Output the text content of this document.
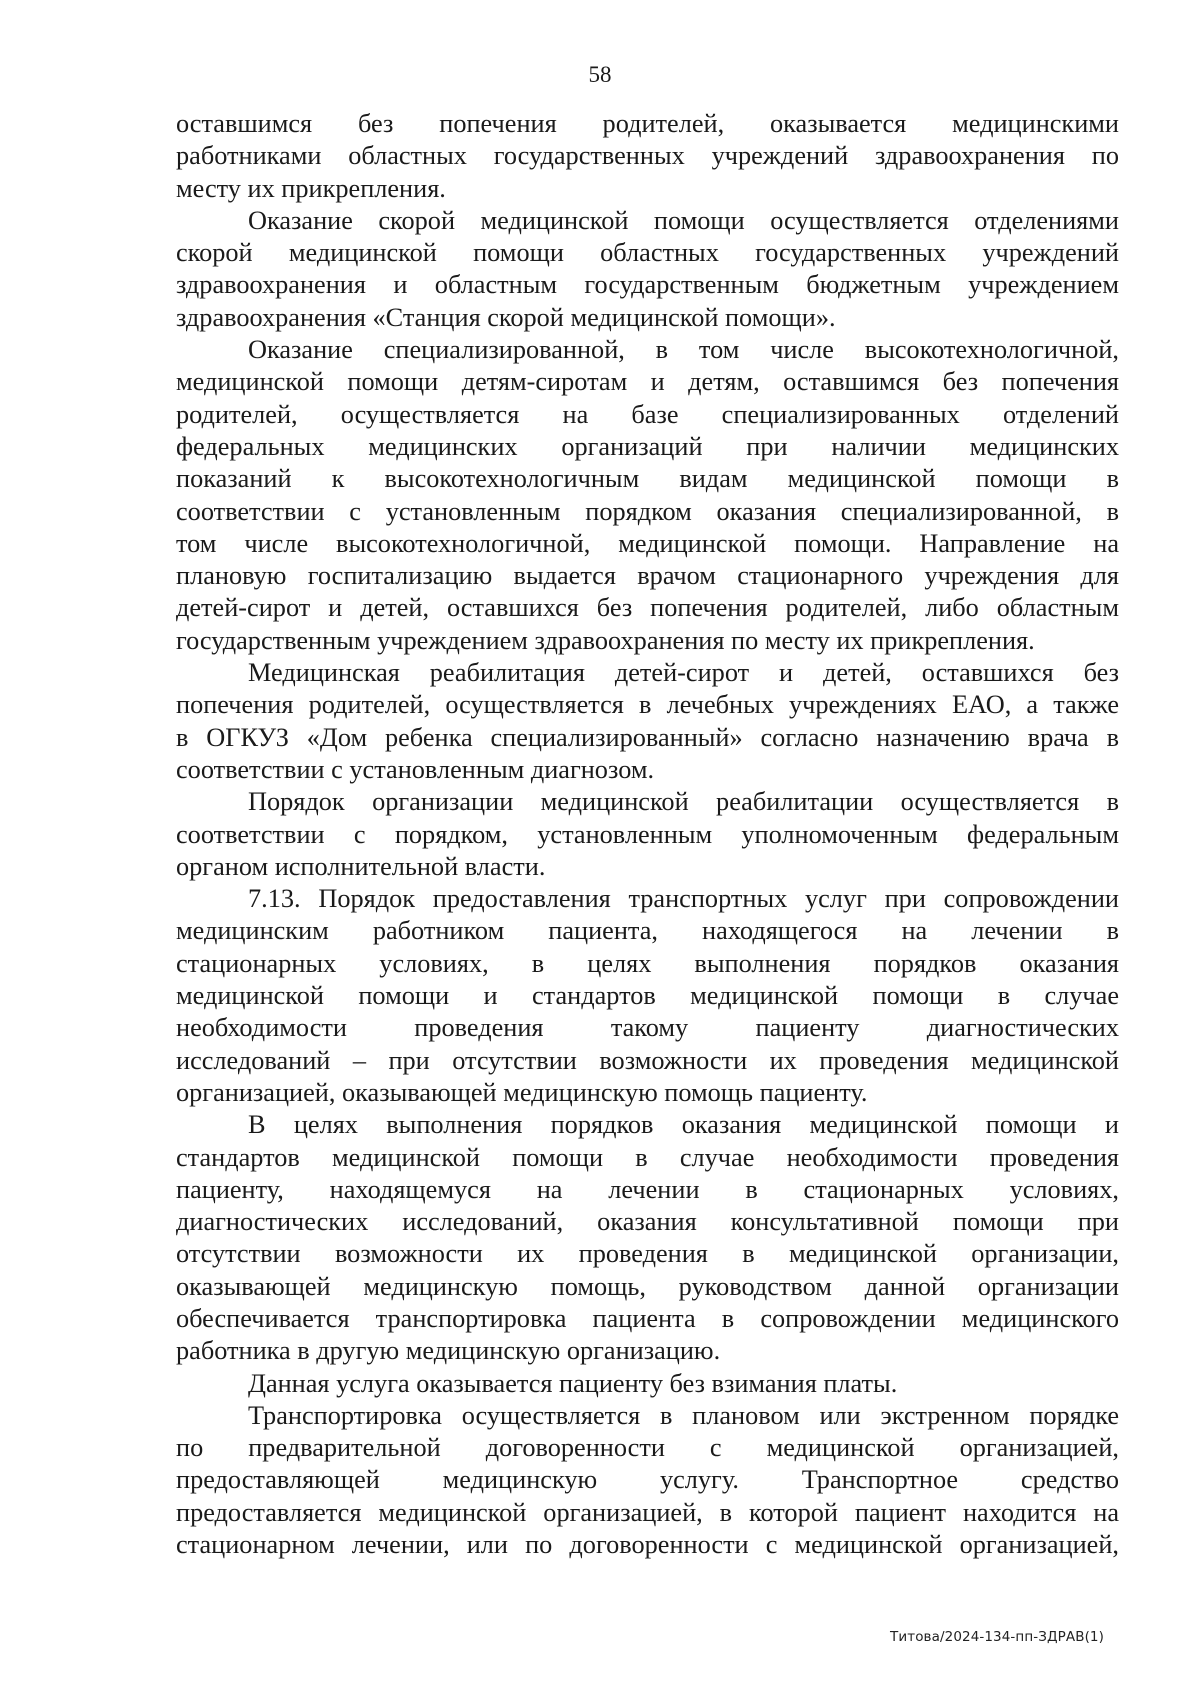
58
оставшимся без попечения родителей, оказывается медицинскими
работниками областных государственных учреждений здравоохранения по
месту их прикрепления.
Оказание скорой медицинской помощи осуществляется отделениями
скорой медицинской помощи областных государственных учреждений
здравоохранения и областным государственным бюджетным учреждением
здравоохранения «Станция скорой медицинской помощи».
Оказание специализированной, в том числе высокотехнологичной,
медицинской помощи детям-сиротам и детям, оставшимся без попечения
родителей, осуществляется на базе специализированных отделений
федеральных медицинских организаций при наличии медицинских
показаний к высокотехнологичным видам медицинской помощи в
соответствии с установленным порядком оказания специализированной, в
том числе высокотехнологичной, медицинской помощи. Направление на
плановую госпитализацию выдается врачом стационарного учреждения для
детей-сирот и детей, оставшихся без попечения родителей, либо областным
государственным учреждением здравоохранения по месту их прикрепления.
Медицинская реабилитация детей-сирот и детей, оставшихся без
попечения родителей, осуществляется в лечебных учреждениях ЕАО, а также
в ОГКУЗ «Дом ребенка специализированный» согласно назначению врача в
соответствии с установленным диагнозом.
Порядок организации медицинской реабилитации осуществляется в
соответствии с порядком, установленным уполномоченным федеральным
органом исполнительной власти.
7.13. Порядок предоставления транспортных услуг при сопровождении
медицинским работником пациента, находящегося на лечении в
стационарных условиях, в целях выполнения порядков оказания
медицинской помощи и стандартов медицинской помощи в случае
необходимости проведения такому пациенту диагностических
исследований – при отсутствии возможности их проведения медицинской
организацией, оказывающей медицинскую помощь пациенту.
В целях выполнения порядков оказания медицинской помощи и
стандартов медицинской помощи в случае необходимости проведения
пациенту, находящемуся на лечении в стационарных условиях,
диагностических исследований, оказания консультативной помощи при
отсутствии возможности их проведения в медицинской организации,
оказывающей медицинскую помощь, руководством данной организации
обеспечивается транспортировка пациента в сопровождении медицинского
работника в другую медицинскую организацию.
Данная услуга оказывается пациенту без взимания платы.
Транспортировка осуществляется в плановом или экстренном порядке
по предварительной договоренности с медицинской организацией,
предоставляющей медицинскую услугу. Транспортное средство
предоставляется медицинской организацией, в которой пациент находится на
стационарном лечении, или по договоренности с медицинской организацией,
Титова/2024-134-пп-ЗДРАВ(1)
